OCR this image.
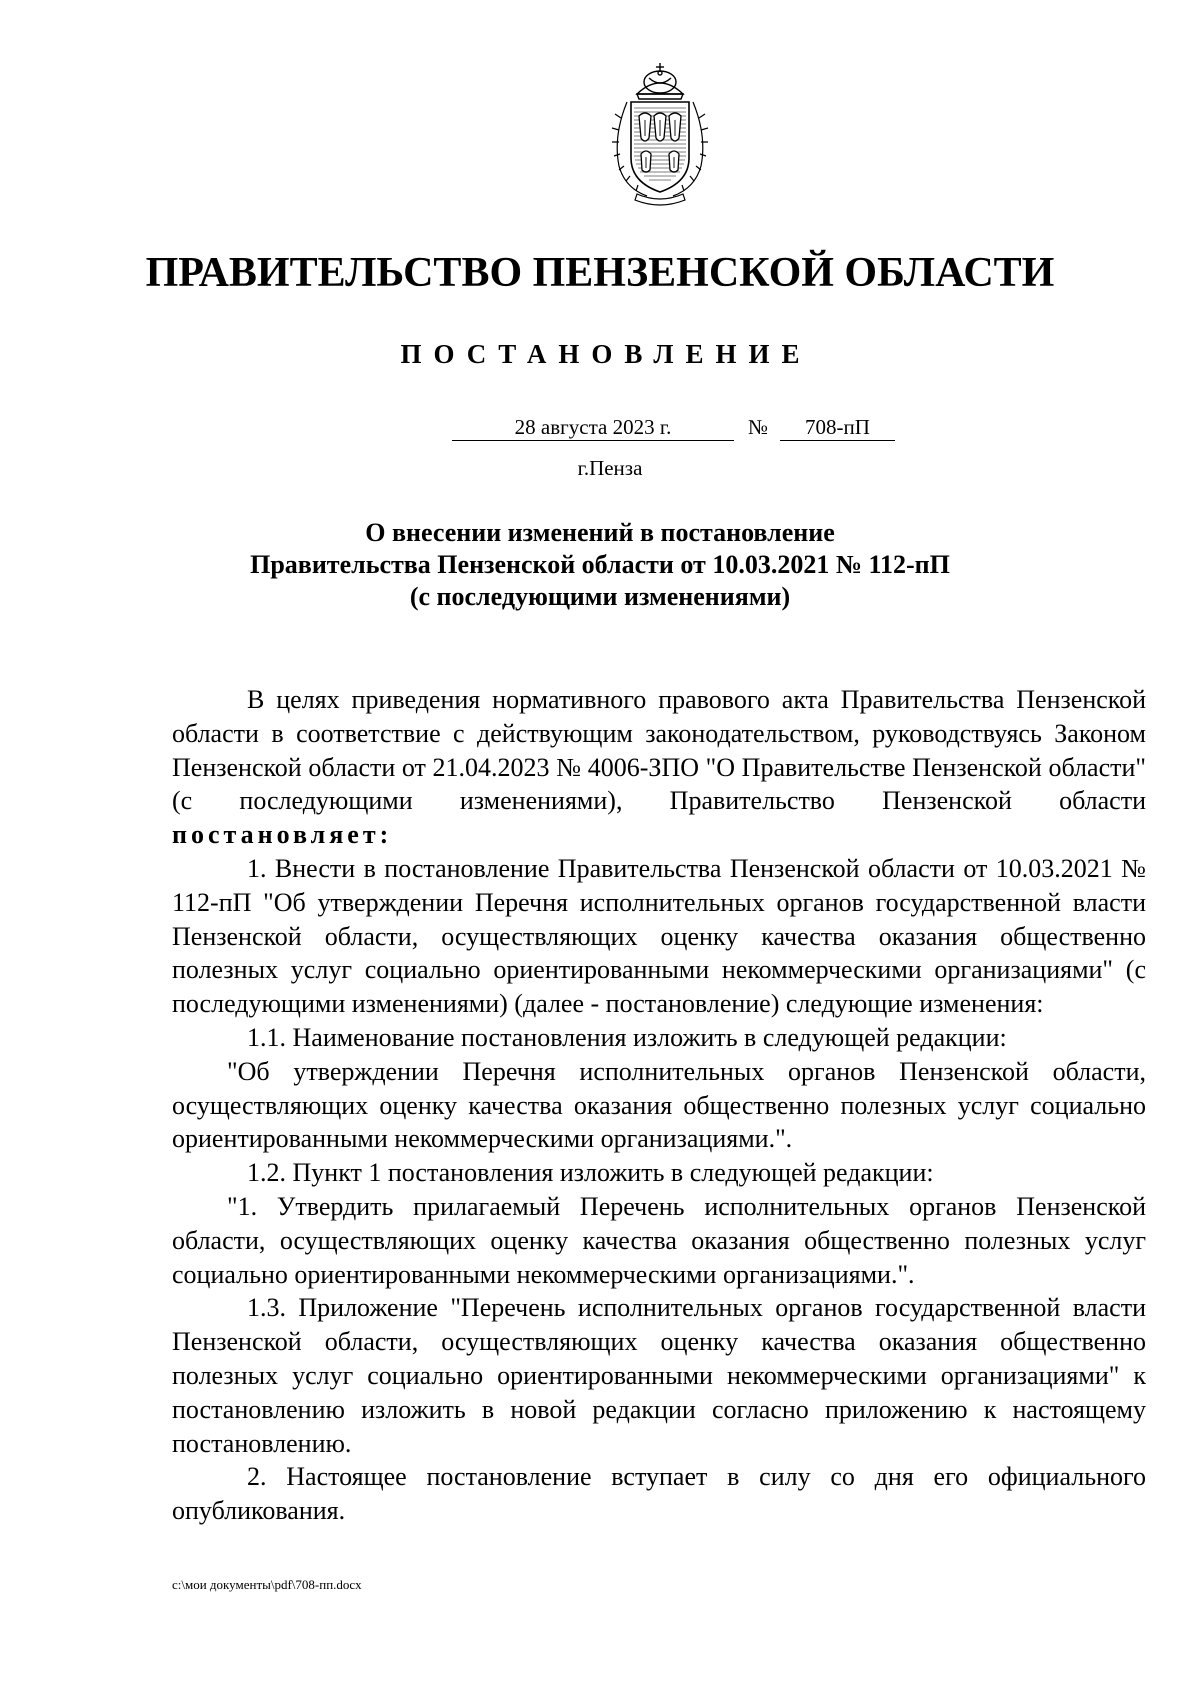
ПРАВИТЕЛЬСТВО ПЕНЗЕНСКОЙ ОБЛАСТИ
ПОСТАНОВЛЕНИЕ
28 августа 2023 г.	№	708-пП
г.Пенза
О внесении изменений в постановление
Правительства Пензенской области от 10.03.2021 № 112-пП
(с последующими изменениями)

В целях приведения нормативного правового акта Правительства Пензенской области в соответствие с действующим законодательством, руководствуясь Законом Пензенской области от 21.04.2023 № 4006-ЗПО "О Правительстве Пензенской области" (с последующими изменениями), Правительство Пензенской области постановляет:

1. Внести в постановление Правительства Пензенской области от 10.03.2021 № 112-пП "Об утверждении Перечня исполнительных органов государственной власти Пензенской области, осуществляющих оценку качества оказания общественно полезных услуг социально ориентированными некоммерческими организациями" (с последующими изменениями) (далее - постановление) следующие изменения:

1.1. Наименование постановления изложить в следующей редакции:

"Об утверждении Перечня исполнительных органов Пензенской области, осуществляющих оценку качества оказания общественно полезных услуг социально ориентированными некоммерческими организациями.".

1.2. Пункт 1 постановления изложить в следующей редакции:

"1. Утвердить прилагаемый Перечень исполнительных органов Пензенской области, осуществляющих оценку качества оказания общественно полезных услуг социально ориентированными некоммерческими организациями.".

1.3. Приложение "Перечень исполнительных органов государственной власти Пензенской области, осуществляющих оценку качества оказания общественно полезных услуг социально ориентированными некоммерческими организациями" к постановлению изложить в новой редакции согласно приложению к настоящему постановлению.

2. Настоящее постановление вступает в силу со дня его официального опубликования.

c:\мои документы\pdf\708-пп.docx
